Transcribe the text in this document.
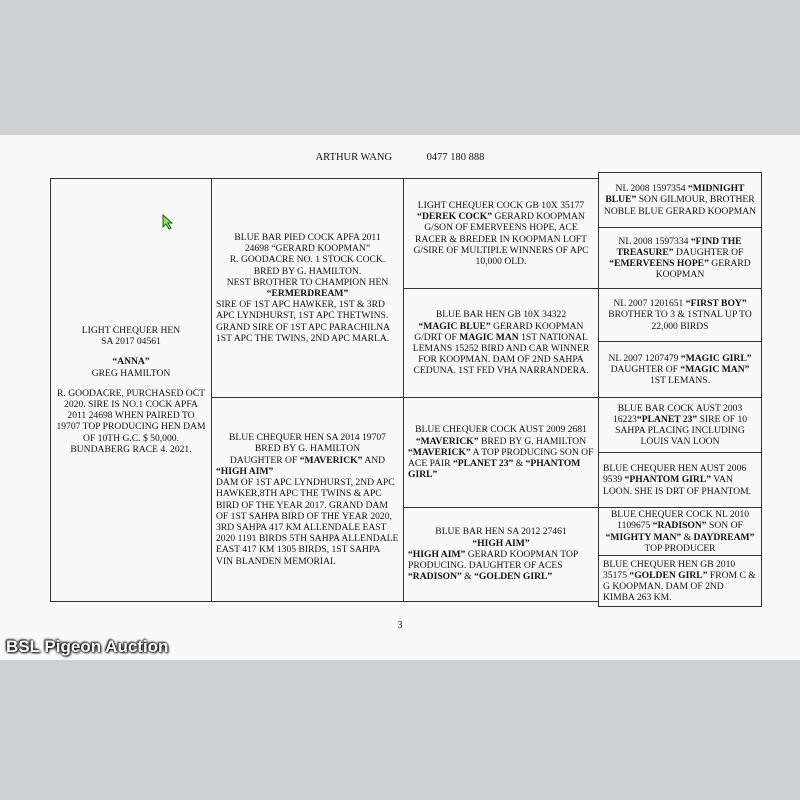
ARTHUR WANG	0477 180 888

LIGHT CHEQUER HEN

SA 2017 04561

“ANNA”

GREG HAMILTON

R. GOODACRE, PURCHASED OCT 2020. SIRE IS NO.1 COCK APFA 2011 24698 WHEN PAIRED TO 19707 TOP PRODUCING HEN DAM OF 10TH G.C. $ 50,000. BUNDABERG RACE 4. 2021.

BLUE BAR PIED COCK APFA 2011

24698 “GERARD KOOPMAN”

R. GOODACRE NO. 1 STOCK COCK.

BRED BY G. HAMILTON.

NEST BROTHER TO CHAMPION HEN

“ERMERDREAM”

SIRE OF 1ST APC HAWKER, 1ST & 3RD APC LYNDHURST, 1ST APC THETWINS. GRAND SIRE OF 1ST APC PARACHILNA 1ST APC THE TWINS, 2ND APC MARLA.

BLUE CHEQUER HEN SA 2014 19707

BRED BY G. HAMILTON

DAUGHTER OF “MAVERICK” AND

“HIGH AIM”

DAM OF 1ST APC LYNDHURST, 2ND APC HAWKER,8TH APC THE TWINS & APC BIRD OF THE YEAR 2017. GRAND DAM OF 1ST SAHPA BIRD OF THE YEAR 2020, 3RD SAHPA 417 KM ALLENDALE EAST 2020 1191 BIRDS 5TH SAHPA ALLENDALE EAST 417 KM 1305 BIRDS, 1ST SAHPA VIN BLANDEN MEMORIAL

LIGHT CHEQUER COCK GB 10X 35177

“DEREK COCK” GERARD KOOPMAN G/SON OF EMERVEENS HOPE, ACE RACER & BREDER IN KOOPMAN LOFT G/SIRE OF MULTIPLE WINNERS OF APC 10,000 OLD.

BLUE BAR HEN GB 10X 34322

“MAGIC BLUE” GERARD KOOPMAN G/DRT OF MAGIC MAN 1ST NATIONAL LEMANS 15252 BIRD AND CAR WINNER FOR KOOPMAN. DAM OF 2ND SAHPA CEDUNA. 1ST FED VHA NARRANDERA.

BLUE CHEQUER COCK AUST 2009 2681 “MAVERICK” BRED BY G. HAMILTON

“MAVERICK” A TOP PRODUCING SON OF ACE PAIR “PLANET 23” & “PHANTOM GIRL”

BLUE BAR HEN SA 2012 27461

“HIGH AIM”

“HIGH AIM” GERARD KOOPMAN TOP PRODUCING. DAUGHTER OF ACES “RADISON” & “GOLDEN GIRL”

NL 2008 1597354 “MIDNIGHT BLUE” SON GILMOUR, BROTHER NOBLE BLUE GERARD KOOPMAN

NL 2008 1597334 “FIND THE TREASURE” DAUGHTER OF “EMERVEENS HOPE” GERARD KOOPMAN

NL 2007 1201651 “FIRST BOY” BROTHER TO 3 & 1STNAL UP TO 22,000 BIRDS

NL 2007 1207479 “MAGIC GIRL” DAUGHTER OF “MAGIC MAN” 1ST LEMANS.

BLUE BAR COCK AUST 2003 16223“PLANET 23” SIRE OF 10 SAHPA PLACING INCLUDING LOUIS VAN LOON

BLUE CHEQUER HEN AUST 2006 9539 “PHANTOM GIRL” VAN LOON. SHE IS DRT OF PHANTOM.

BLUE CHEQUER COCK NL 2010 1109675 “RADISON” SON OF “MIGHTY MAN” & DAYDREAM” TOP PRODUCER

BLUE CHEQUER HEN GB 2010 35175 “GOLDEN GIRL” FROM C & G KOOPMAN. DAM OF 2ND KIMBA 263 KM.

3
BSL Pigeon Auction
